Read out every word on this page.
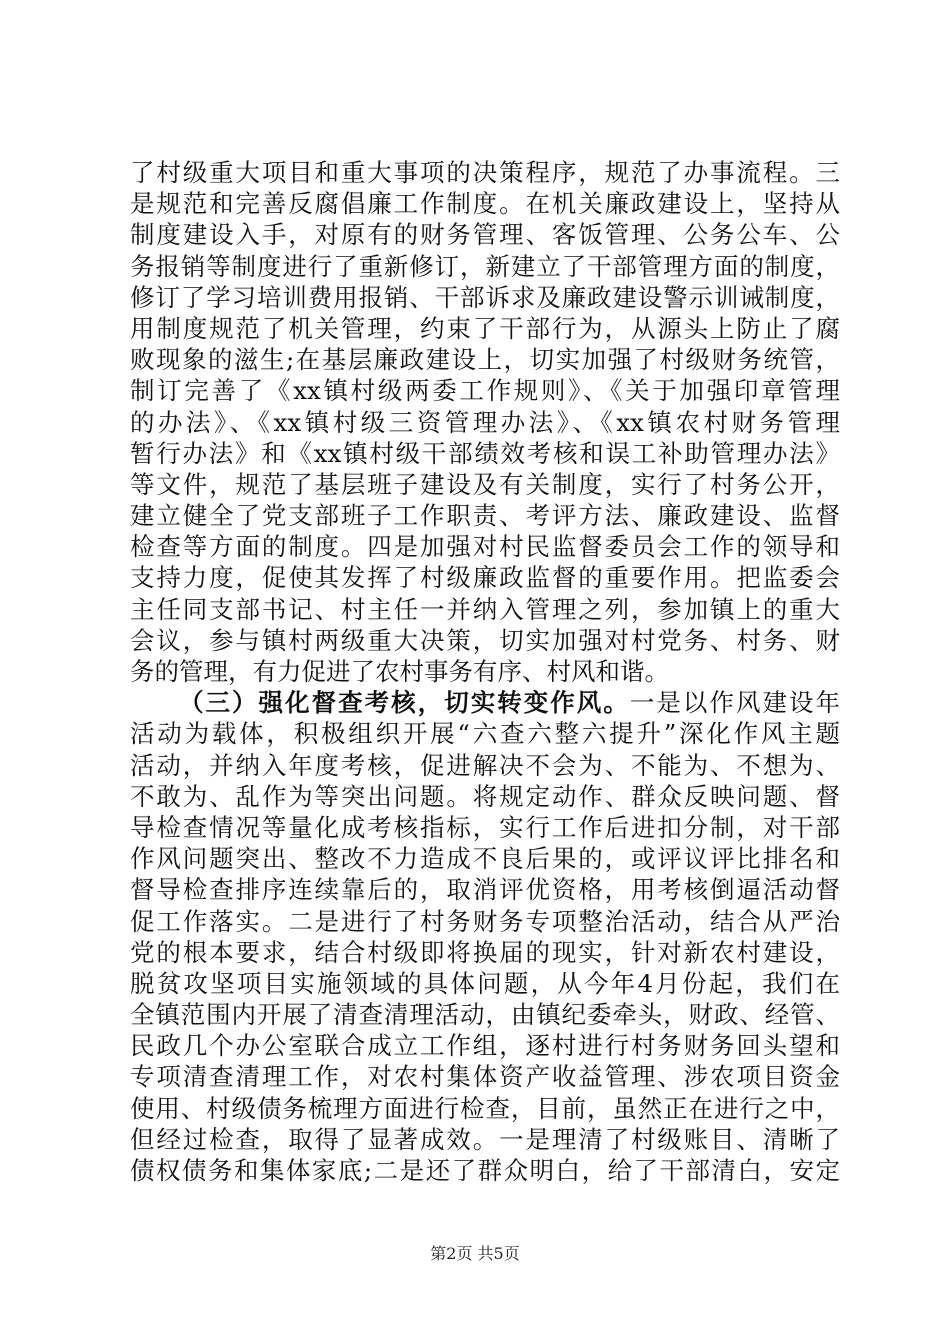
了村级重大项目和重大事项的决策程序，规范了办事流程。三
是规范和完善反腐倡廉工作制度。在机关廉政建设上，坚持从
制度建设入手，对原有的财务管理、客饭管理、公务公车、公
务报销等制度进行了重新修订，新建立了干部管理方面的制度，
修订了学习培训费用报销、干部诉求及廉政建设警示训诫制度，
用制度规范了机关管理，约束了干部行为，从源头上防止了腐
败现象的滋生;在基层廉政建设上，切实加强了村级财务统管，
制订完善了《xx镇村级两委工作规则》、《关于加强印章管理
的办法》、《xx镇村级三资管理办法》、《xx镇农村财务管理
暂行办法》和《xx镇村级干部绩效考核和误工补助管理办法》
等文件，规范了基层班子建设及有关制度，实行了村务公开，
建立健全了党支部班子工作职责、考评方法、廉政建设、监督
检查等方面的制度。四是加强对村民监督委员会工作的领导和
支持力度，促使其发挥了村级廉政监督的重要作用。把监委会
主任同支部书记、村主任一并纳入管理之列，参加镇上的重大
会议，参与镇村两级重大决策，切实加强对村党务、村务、财
务的管理，有力促进了农村事务有序、村风和谐。
（三）强化督查考核，切实转变作风。一是以作风建设年
活动为载体，积极组织开展“六查六整六提升”深化作风主题
活动，并纳入年度考核，促进解决不会为、不能为、不想为、
不敢为、乱作为等突出问题。将规定动作、群众反映问题、督
导检查情况等量化成考核指标，实行工作后进扣分制，对干部
作风问题突出、整改不力造成不良后果的，或评议评比排名和
督导检查排序连续靠后的，取消评优资格，用考核倒逼活动督
促工作落实。二是进行了村务财务专项整治活动，结合从严治
党的根本要求，结合村级即将换届的现实，针对新农村建设，
脱贫攻坚项目实施领域的具体问题，从今年4月份起，我们在
全镇范围内开展了清查清理活动，由镇纪委牵头，财政、经管、
民政几个办公室联合成立工作组，逐村进行村务财务回头望和
专项清查清理工作，对农村集体资产收益管理、涉农项目资金
使用、村级债务梳理方面进行检查，目前，虽然正在进行之中，
但经过检查，取得了显著成效。一是理清了村级账目、清晰了
债权债务和集体家底;二是还了群众明白，给了干部清白，安定
第2页 共5页
